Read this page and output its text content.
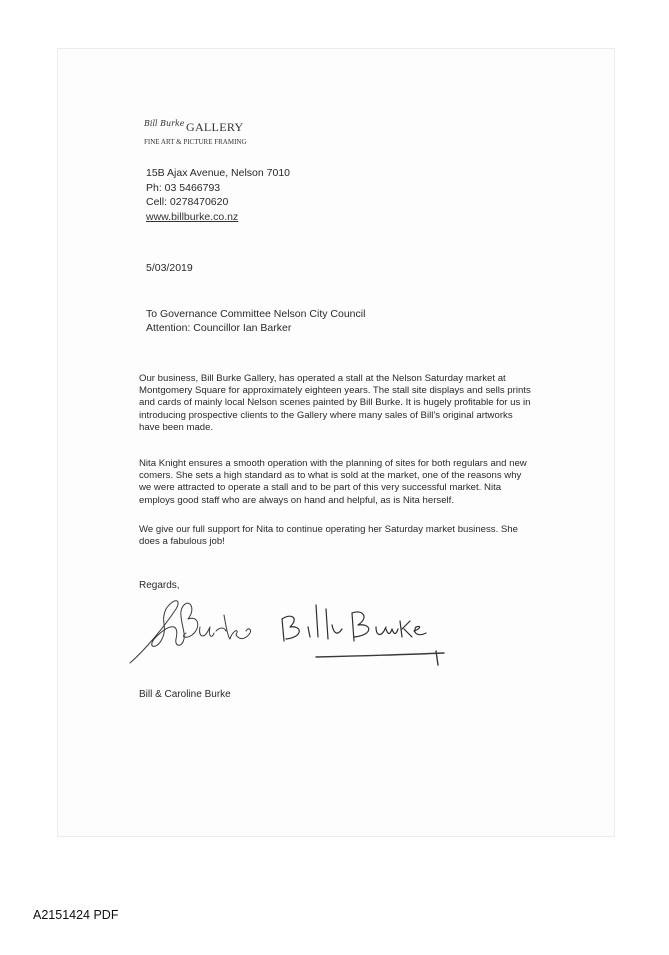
Bill Burke GALLERY
FINE ART & PICTURE FRAMING
15B Ajax Avenue, Nelson 7010
Ph: 03 5466793
Cell: 0278470620
www.billburke.co.nz
5/03/2019
To Governance Committee Nelson City Council
Attention: Councillor Ian Barker
Our business, Bill Burke Gallery, has operated a stall at the Nelson Saturday market at
Montgomery Square for approximately eighteen years. The stall site displays and sells prints
and cards of mainly local Nelson scenes painted by Bill Burke. It is hugely profitable for us in
introducing prospective clients to the Gallery where many sales of Bill’s original artworks
have been made.
Nita Knight ensures a smooth operation with the planning of sites for both regulars and new
comers. She sets a high standard as to what is sold at the market, one of the reasons why
we were attracted to operate a stall and to be part of this very successful market. Nita
employs good staff who are always on hand and helpful, as is Nita herself.
We give our full support for Nita to continue operating her Saturday market business. She
does a fabulous job!
Regards,
Bill & Caroline Burke
A2151424 PDF
